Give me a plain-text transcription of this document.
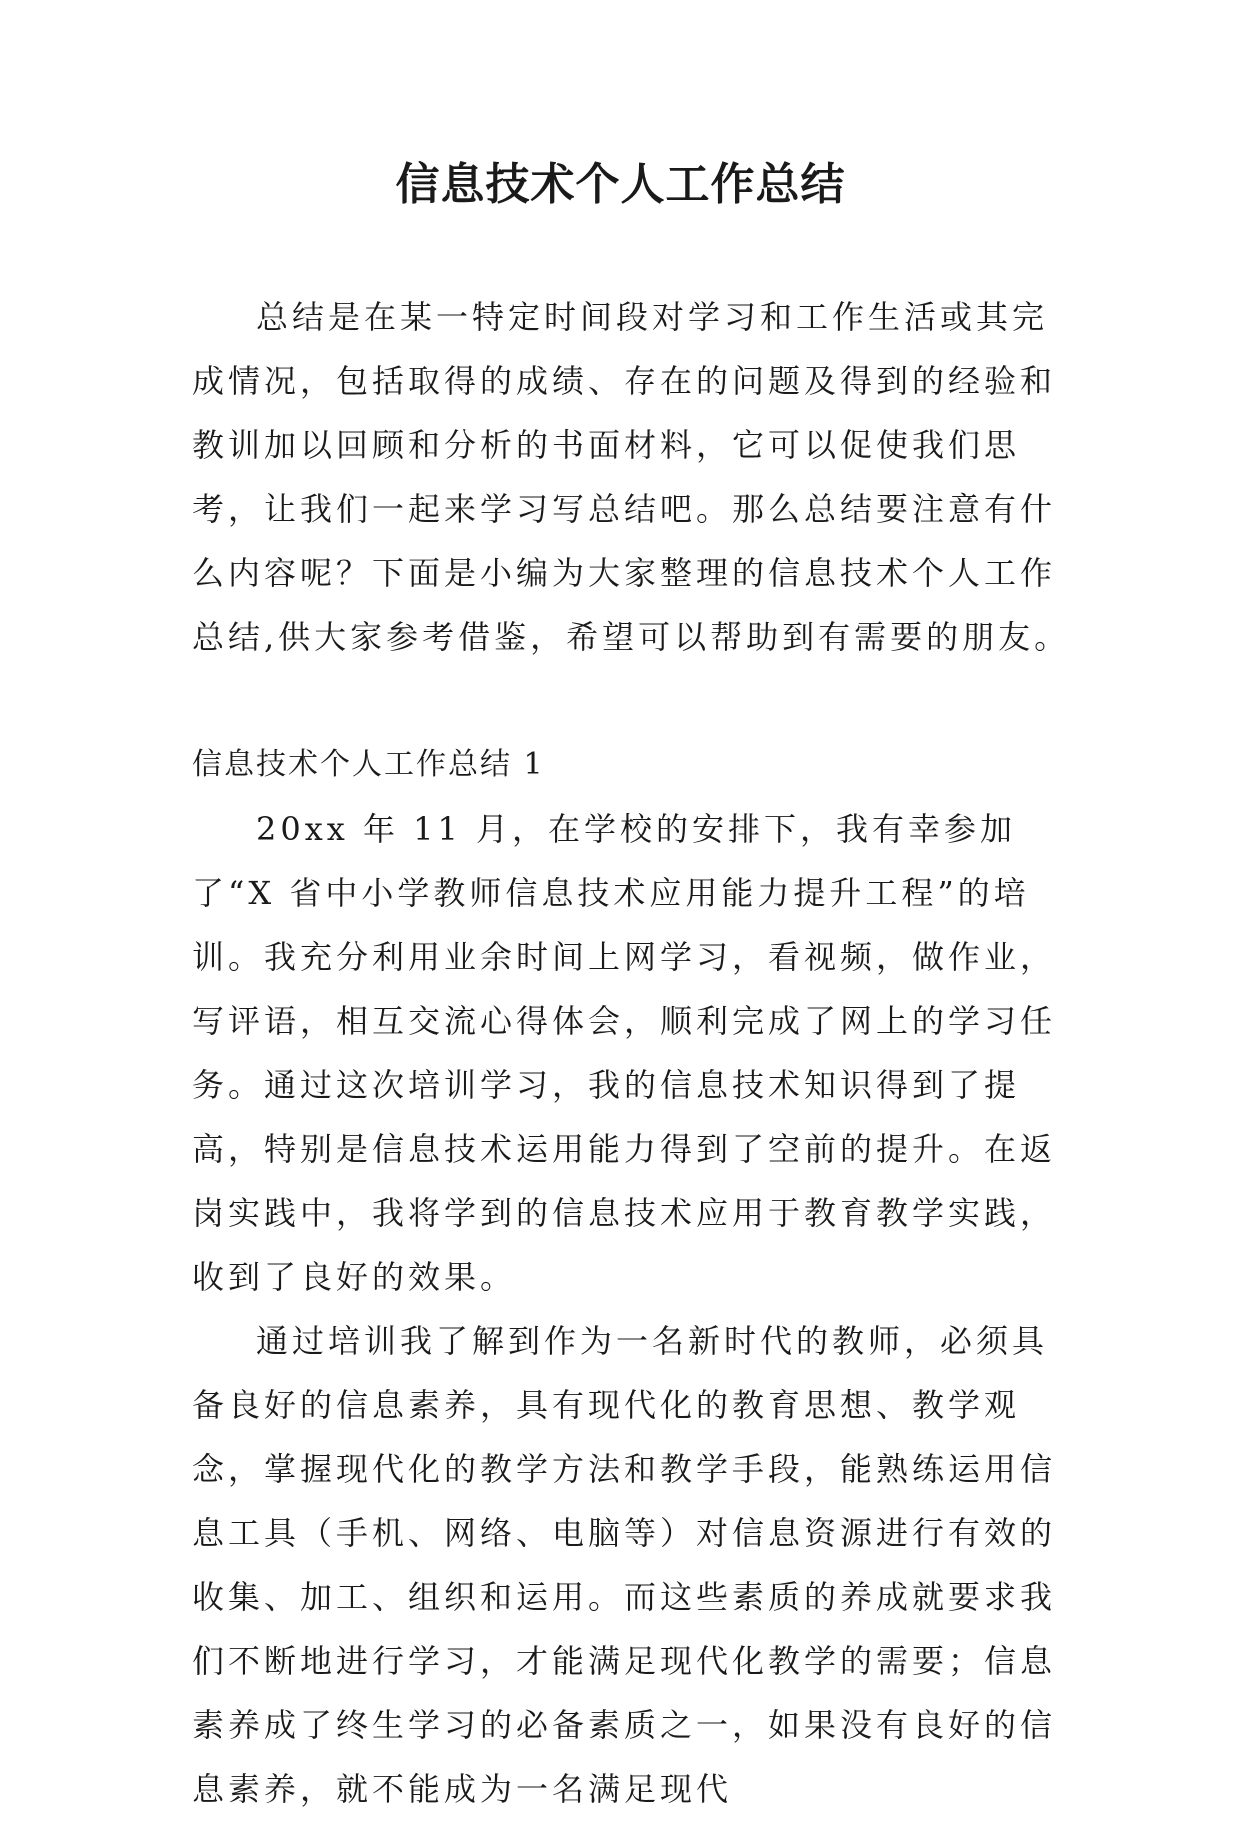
信息技术个人工作总结

总结是在某一特定时间段对学习和工作生活或其完成情况，包括取得的成绩、存在的问题及得到的经验和教训加以回顾和分析的书面材料，它可以促使我们思考，让我们一起来学习写总结吧。那么总结要注意有什么内容呢？下面是小编为大家整理的信息技术个人工作总结,供大家参考借鉴，希望可以帮助到有需要的朋友。

信息技术个人工作总结 1

20xx 年 11 月，在学校的安排下，我有幸参加了“X 省中小学教师信息技术应用能力提升工程”的培训。我充分利用业余时间上网学习，看视频，做作业，写评语，相互交流心得体会，顺利完成了网上的学习任务。通过这次培训学习，我的信息技术知识得到了提高，特别是信息技术运用能力得到了空前的提升。在返岗实践中，我将学到的信息技术应用于教育教学实践，收到了良好的效果。

通过培训我了解到作为一名新时代的教师，必须具备良好的信息素养，具有现代化的教育思想、教学观念，掌握现代化的教学方法和教学手段，能熟练运用信息工具（手机、网络、电脑等）对信息资源进行有效的收集、加工、组织和运用。而这些素质的养成就要求我们不断地进行学习，才能满足现代化教学的需要；信息素养成了终生学习的必备素质之一，如果没有良好的信息素养，就不能成为一名满足现代
